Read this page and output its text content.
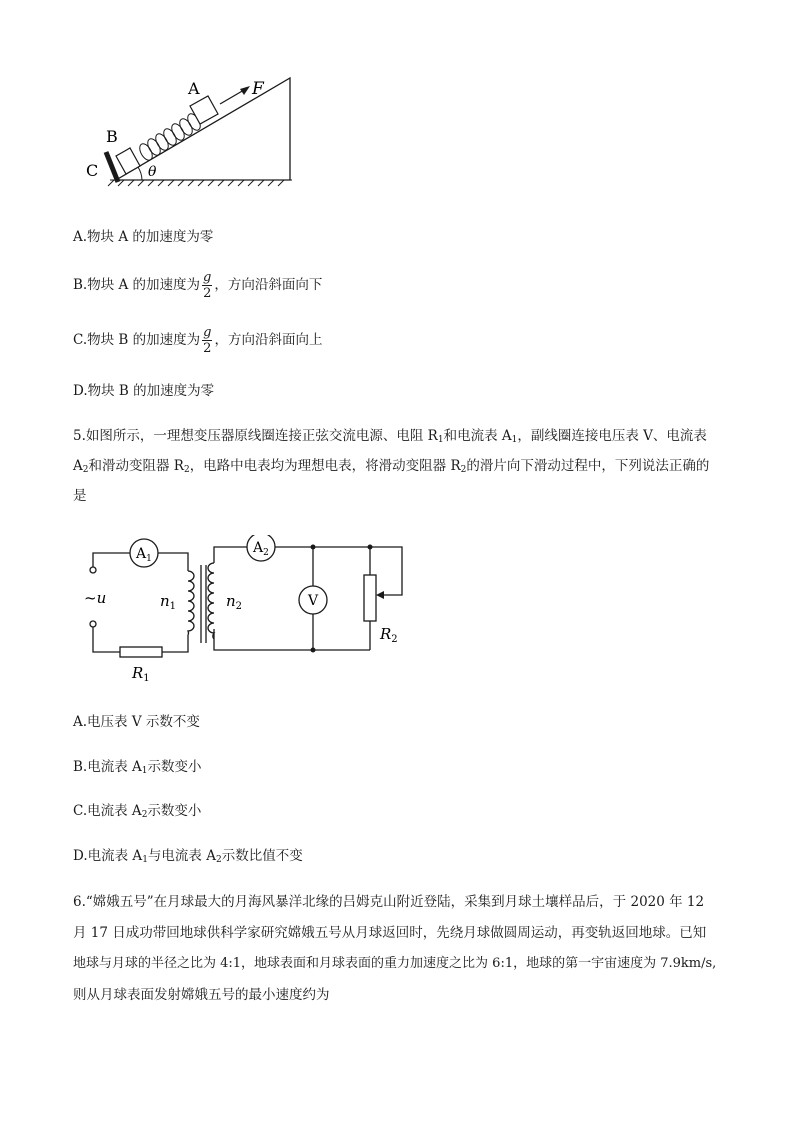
A
B
C
F
θ
A.物块 A 的加速度为零
B.物块 A 的加速度为 $\frac{g}{2}$ ，方向沿斜面向下
C.物块 B 的加速度为 $\frac{g}{2}$ ，方向沿斜面向上
D.物块 B 的加速度为零
5.如图所示，一理想变压器原线圈连接正弦交流电源、电阻 $R_1$和电流表 $A_1$，副线圈连接电压表 V、电流表
$A_2$和滑动变阻器 $R_2$，电路中电表均为理想电表，将滑动变阻器 $R_2$的滑片向下滑动过程中，下列说法正确的
是
$A_1$
$A_2$
V
~u	$n_1$	$n_2$
$R_1$
$R_2$
A.电压表 V 示数不变
B.电流表 $A_1$示数变小
C.电流表 $A_2$示数变小
D.电流表 $A_1$与电流表 $A_2$示数比值不变
6.“嫦娥五号”在月球最大的月海风暴洋北缘的吕姆克山附近登陆，采集到月球土壤样品后，于 2020 年 12
月 17 日成功带回地球供科学家研究嫦娥五号从月球返回时，先绕月球做圆周运动，再变轨返回地球。已知
地球与月球的半径之比为 4:1，地球表面和月球表面的重力加速度之比为 6:1，地球的第一宇宙速度为 7.9km/s,
则从月球表面发射嫦娥五号的最小速度约为
